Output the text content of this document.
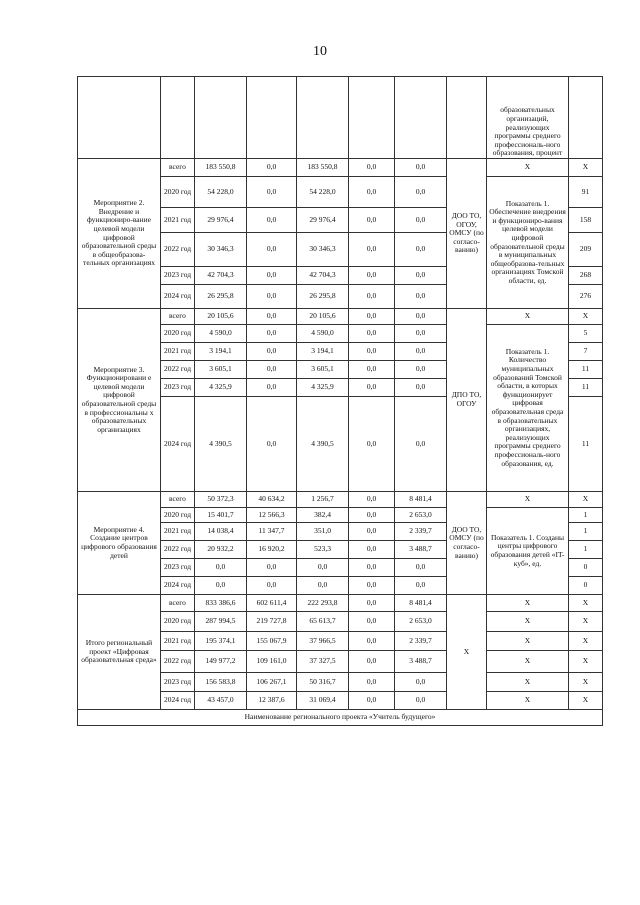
10
								образовательных организаций, реализующих программы среднего профессиональ-ного образования, процент	
Мероприятие 2. Внедрение и функциониро-вание целевой модели цифровой образовательной среды в общеобразова-тельных организациях	всего	183 550,8	0,0	183 550,8	0,0	0,0	ДОО ТО, ОГОУ, ОМСУ (по согласо-ванию)	X	X
	2020 год	54 228,0	0,0	54 228,0	0,0	0,0		Показатель 1. Обеспечение внедрения и функциониро-вания целевой модели цифровой образовательной среды в муниципальных общеобразова-тельных организациях Томской области, ед.	91
	2021 год	29 976,4	0,0	29 976,4	0,0	0,0			158
	2022 год	30 346,3	0,0	30 346,3	0,0	0,0			209
	2023 год	42 704,3	0,0	42 704,3	0,0	0,0			268
	2024 год	26 295,8	0,0	26 295,8	0,0	0,0			276
Мероприятие 3. Функционировани е целевой модели цифровой образовательной среды в профессиональны х образовательных организациях	всего	20 105,6	0,0	20 105,6	0,0	0,0	ДПО ТО, ОГОУ	X	X
	2020 год	4 590,0	0,0	4 590,0	0,0	0,0		Показатель 1. Количество муниципальных образований Томской области, в которых функционирует цифровая образовательная среда в образовательных организациях, реализующих программы среднего профессиональ-ного образования, ед.	5
	2021 год	3 194,1	0,0	3 194,1	0,0	0,0			7
	2022 год	3 605,1	0,0	3 605,1	0,0	0,0			11
	2023 год	4 325,9	0,0	4 325,9	0,0	0,0			11
	2024 год	4 390,5	0,0	4 390,5	0,0	0,0			11
Мероприятие 4. Создание центров цифрового образования детей	всего	50 372,3	40 634,2	1 256,7	0,0	8 481,4	ДОО ТО, ОМСУ (по согласо-ванию)	X	X
	2020 год	15 401,7	12 566,3	382,4	0,0	2 653,0		Показатель 1. Созданы центры цифрового образования детей «IT-куб», ед.	1
	2021 год	14 038,4	11 347,7	351,0	0,0	2 339,7			1
	2022 год	20 932,2	16 920,2	523,3	0,0	3 488,7			1
	2023 год	0,0	0,0	0,0	0,0	0,0			0
	2024 год	0,0	0,0	0,0	0,0	0,0			0
Итого региональный проект «Цифровая образовательная среда»	всего	833 386,6	602 611,4	222 293,8	0,0	8 481,4	X	X	X
	2020 год	287 994,5	219 727,8	65 613,7	0,0	2 653,0		X	X
	2021 год	195 374,1	155 067,9	37 966,5	0,0	2 339,7		X	X
	2022 год	149 977,2	109 161,0	37 327,5	0,0	3 488,7		X	X
	2023 год	156 583,8	106 267,1	50 316,7	0,0	0,0		X	X
	2024 год	43 457,0	12 387,6	31 069,4	0,0	0,0		X	X
Наименование регионального проекта «Учитель будущего»									
